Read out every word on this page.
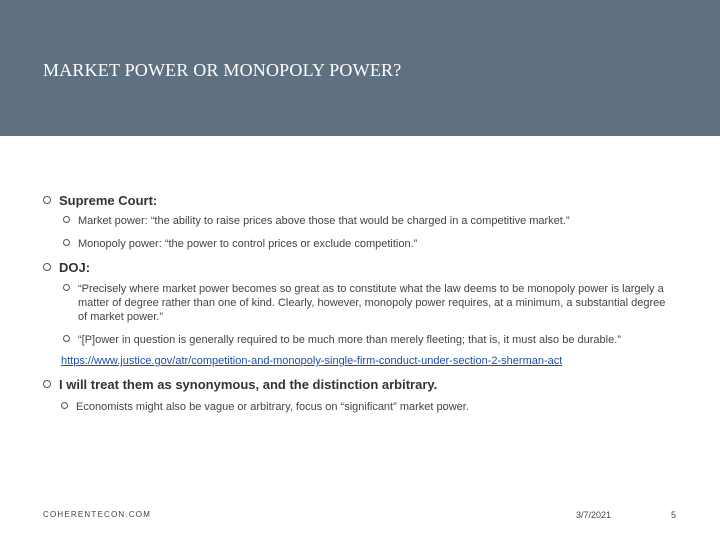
MARKET POWER OR MONOPOLY POWER?
Supreme Court:
Market power: “the ability to raise prices above those that would be charged in a competitive market.”
Monopoly power: “the power to control prices or exclude competition.”
DOJ:
“Precisely where market power becomes so great as to constitute what the law deems to be monopoly power is largely a matter of degree rather than one of kind. Clearly, however, monopoly power requires, at a minimum, a substantial degree of market power.”
“[P]ower in question is generally required to be much more than merely fleeting; that is, it must also be durable.”
https://www.justice.gov/atr/competition-and-monopoly-single-firm-conduct-under-section-2-sherman-act
I will treat them as synonymous, and the distinction arbitrary.
Economists might also be vague or arbitrary, focus on “significant” market power.
COHERENTECON.COM	3/7/2021	5
